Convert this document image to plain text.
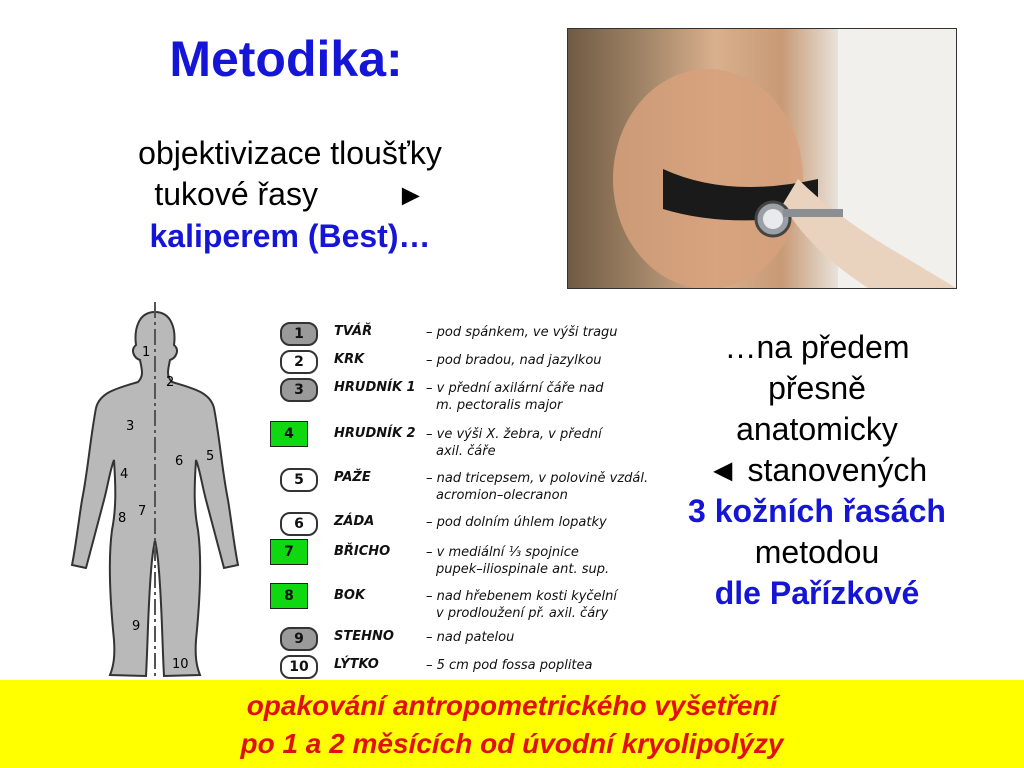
Metodika:
objektivizace tloušťky
tukové řasy	►
kaliperem (Best)…
1
2
3
4
5
6
7
8
9
10
1	TVÁŘ	– pod spánkem, ve výši tragu
2	KRK	– pod bradou, nad jazylkou
3	HRUDNÍK 1 – v přední axilární čáře nad
m. pectoralis major
4	HRUDNÍK 2 – ve výši X. žebra, v přední
axil. čáře
5	PAŽE	– nad tricepsem, v polovině vzdál.
acromion–olecranon
6	ZÁDA	– pod dolním úhlem lopatky
7	BŘICHO	– v mediální ⅓ spojnice
pupek–iliospinale ant. sup.
8	BOK	– nad hřebenem kosti kyčelní
v prodloužení př. axil. čáry
9	STEHNO – nad patelou
10	LÝTKO	– 5 cm pod fossa poplitea
…na předem
přesně
anatomicky
◄ stanovených
3 kožních řasách
metodou
dle Pařízkové
opakování antropometrického vyšetření
po 1 a 2 měsících od úvodní kryolipolýzy
